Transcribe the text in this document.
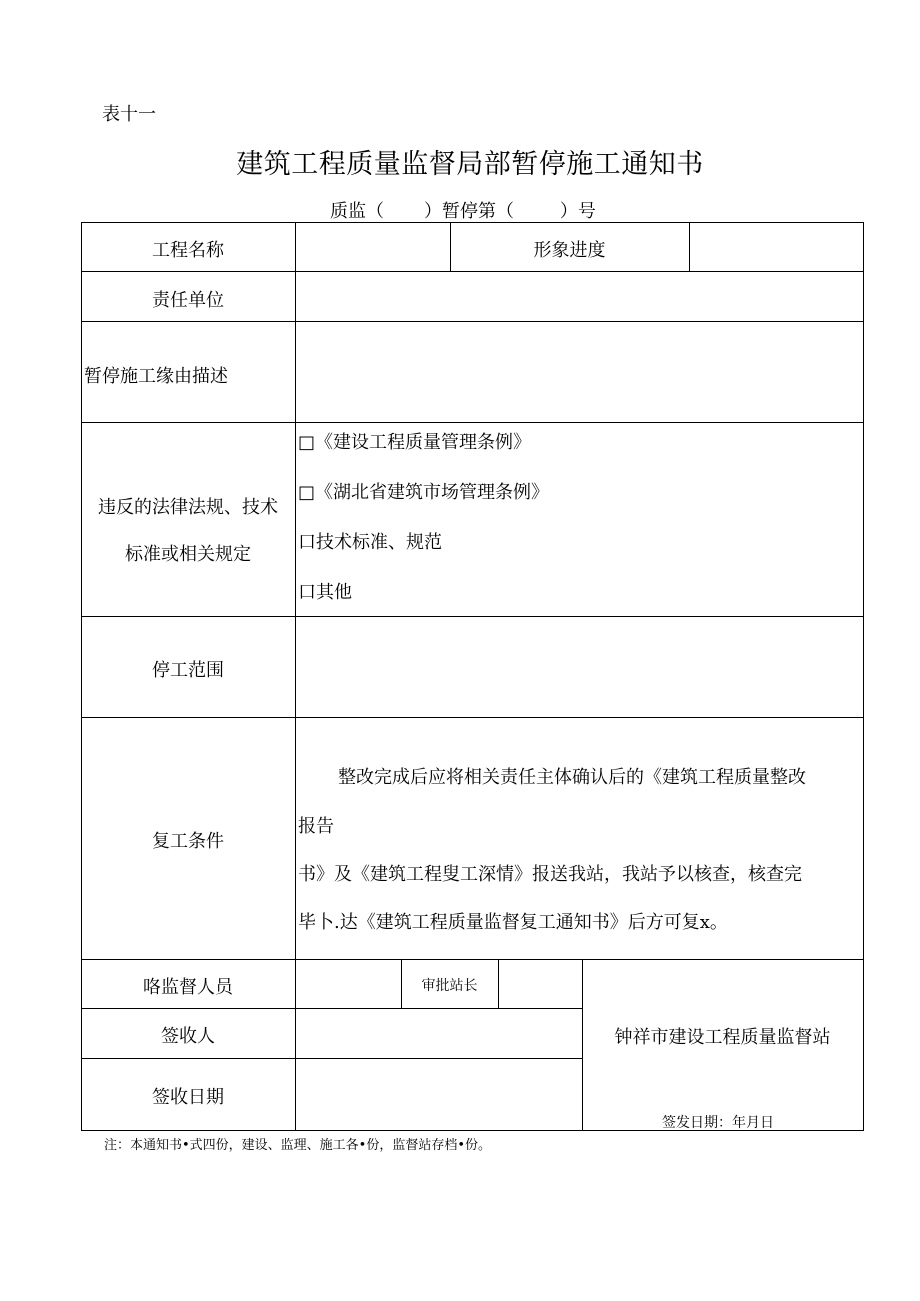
表十一
建筑工程质量监督局部暂停施工通知书
质监（       ）暂停第（        ）号
工程名称	形象进度
责任单位
暂停施工缘由描述
违反的法律法规、技术
标准或相关规定
□《建设工程质量管理条例》
□《湖北省建筑市场管理条例》
口技术标准、规范
口其他
停工范围
复工条件
整改完成后应将相关责任主体确认后的《建筑工程质量整改
报告
书》及《建筑工程叟工深情》报送我站，我站予以核查，核查完
毕卜.达《建筑工程质量监督复工通知书》后方可复x。
咯监督人员	审批站长
签收人
签收日期
钟祥市建设工程质量监督站
签发日期：年月日
注：本通知书•式四份，建设、监理、施工各•份，监督站存档•份。
